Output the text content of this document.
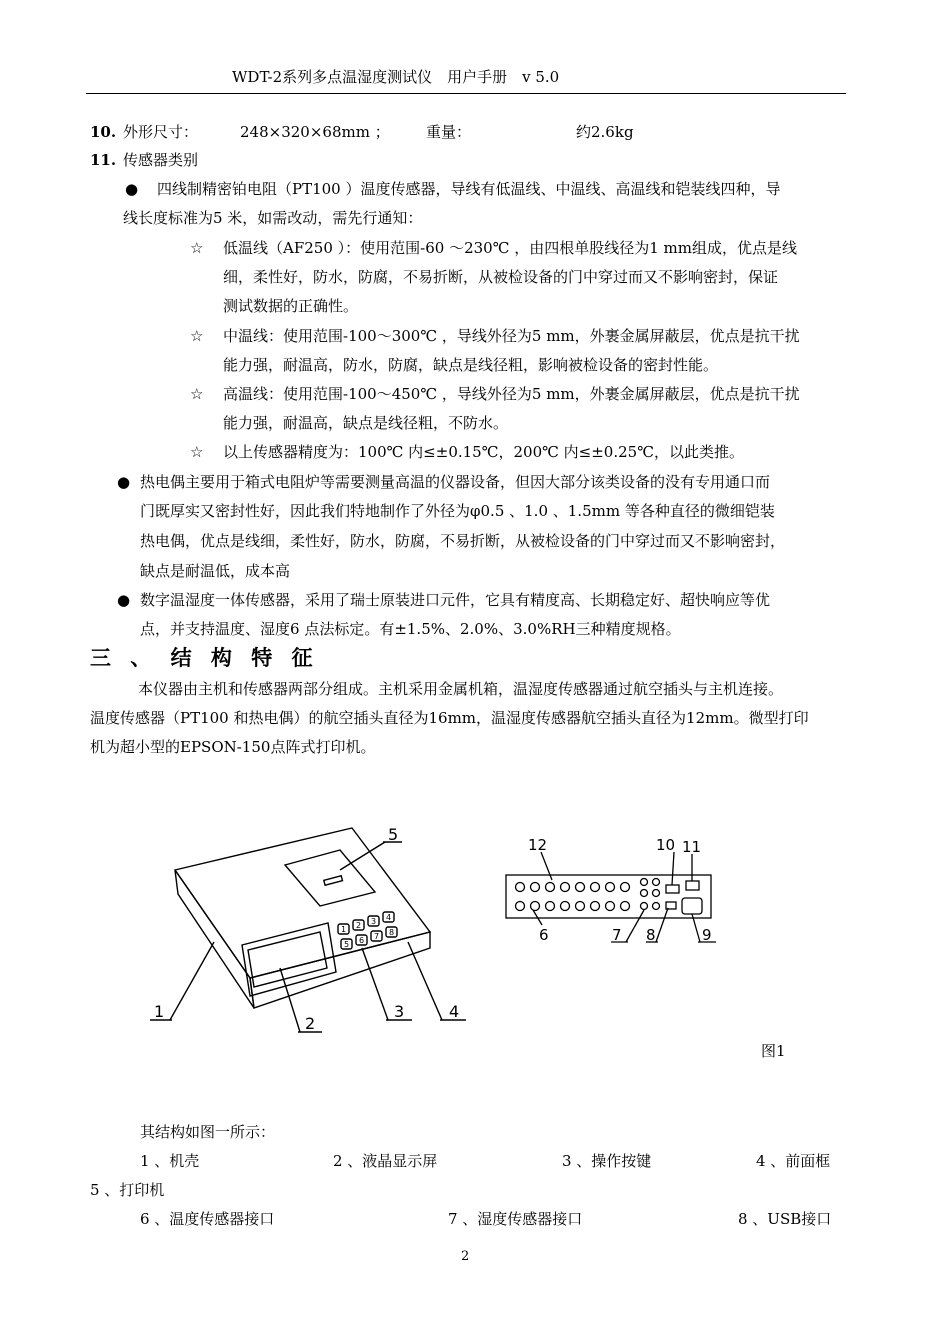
WDT-2系列多点温湿度测试仪　用户手册　v 5.0
10. 外形尺寸：	248×320×68mm ； 重量：	约2.6kg
11. 传感器类别
● 四线制精密铂电阻（PT100 ）温度传感器，导线有低温线、中温线、高温线和铠装线四种，导
线长度标准为5 米，如需改动，需先行通知：
☆ 低温线（AF250 ）：使用范围-60 ～230℃ ，由四根单股线径为1 mm组成，优点是线
细，柔性好，防水，防腐，不易折断，从被检设备的门中穿过而又不影响密封，保证
测试数据的正确性。
☆ 中温线：使用范围-100～300℃ ，导线外径为5 mm，外裹金属屏蔽层，优点是抗干扰
能力强，耐温高，防水，防腐，缺点是线径粗，影响被检设备的密封性能。
☆ 高温线：使用范围-100～450℃ ，导线外径为5 mm，外裹金属屏蔽层，优点是抗干扰
能力强，耐温高，缺点是线径粗，不防水。
☆ 以上传感器精度为：100℃ 内≤±0.15℃，200℃ 内≤±0.25℃，以此类推。
● 热电偶主要用于箱式电阻炉等需要测量高温的仪器设备，但因大部分该类设备的没有专用通口而
门既厚实又密封性好，因此我们特地制作了外径为φ0.5 、1.0 、1.5mm 等各种直径的微细铠装
热电偶，优点是线细，柔性好，防水，防腐，不易折断，从被检设备的门中穿过而又不影响密封，
缺点是耐温低，成本高
● 数字温湿度一体传感器，采用了瑞士原装进口元件，它具有精度高、长期稳定好、超快响应等优
点，并支持温度、湿度6 点法标定。有±1.5%、2.0%、3.0%RH三种精度规格。
三 、 结 构 特 征
本仪器由主机和传感器两部分组成。主机采用金属机箱，温湿度传感器通过航空插头与主机连接。
温度传感器（PT100 和热电偶）的航空插头直径为16mm，温湿度传感器航空插头直径为12mm。微型打印
机为超小型的EPSON-150点阵式打印机。
1 2 3 4
5 6 7 8
1
2
3	4
5
12
6	7 8	9
10 11
图1
其结构如图一所示：
1 、机壳	2 、液晶显示屏	3 、操作按键	4 、前面框
5 、打印机
6 、温度传感器接口	7 、湿度传感器接口	8 、USB接口
2
